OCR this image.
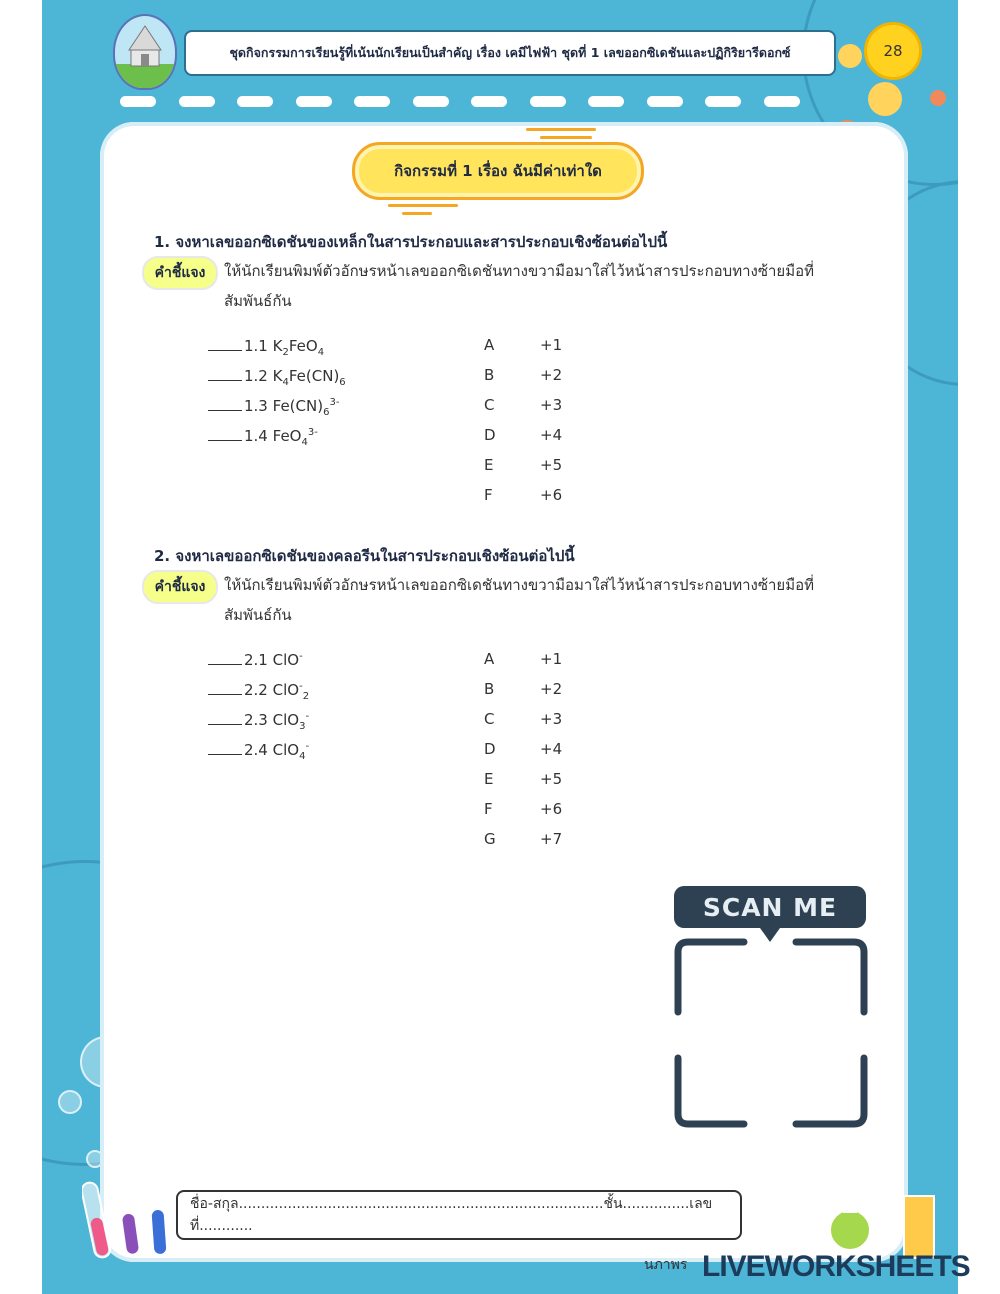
ชุดกิจกรรมการเรียนรู้ที่เน้นนักเรียนเป็นสำคัญ เรื่อง เคมีไฟฟ้า ชุดที่ 1 เลขออกซิเดชันและปฏิกิริยารีดอกซ์	28
กิจกรรมที่ 1 เรื่อง ฉันมีค่าเท่าใด
1. จงหาเลขออกซิเดชันของเหล็กในสารประกอบและสารประกอบเชิงซ้อนต่อไปนี้
คำชี้แจง	ให้นักเรียนพิมพ์ตัวอักษรหน้าเลขออกซิเดชันทางขวามือมาใส่ไว้หน้าสารประกอบทางซ้ายมือที่
สัมพันธ์กัน
1.1 $K_2FeO_4$
1.2 $K_4Fe(CN)_6$
1.3 $Fe(CN)_6^{3-}$
1.4 FeO$_4^{3-}$
A	+1
B	+2
C	+3
D	+4
E	+5
F	+6
2. จงหาเลขออกซิเดชันของคลอรีนในสารประกอบเชิงซ้อนต่อไปนี้
คำชี้แจง	ให้นักเรียนพิมพ์ตัวอักษรหน้าเลขออกซิเดชันทางขวามือมาใส่ไว้หน้าสารประกอบทางซ้ายมือที่
สัมพันธ์กัน
2.1 ClO-
2.2 ClO-$_2$
2.3 ClO$_3$-
2.4 ClO$_4$-
A	+1
B	+2
C	+3
D	+4
E	+5
F	+6
G	+7
SCAN ME
ชื่อ-สกุล..................................................................................ชั้น...............เลขที่............
นภาพร LIVEWORKSHEETS
